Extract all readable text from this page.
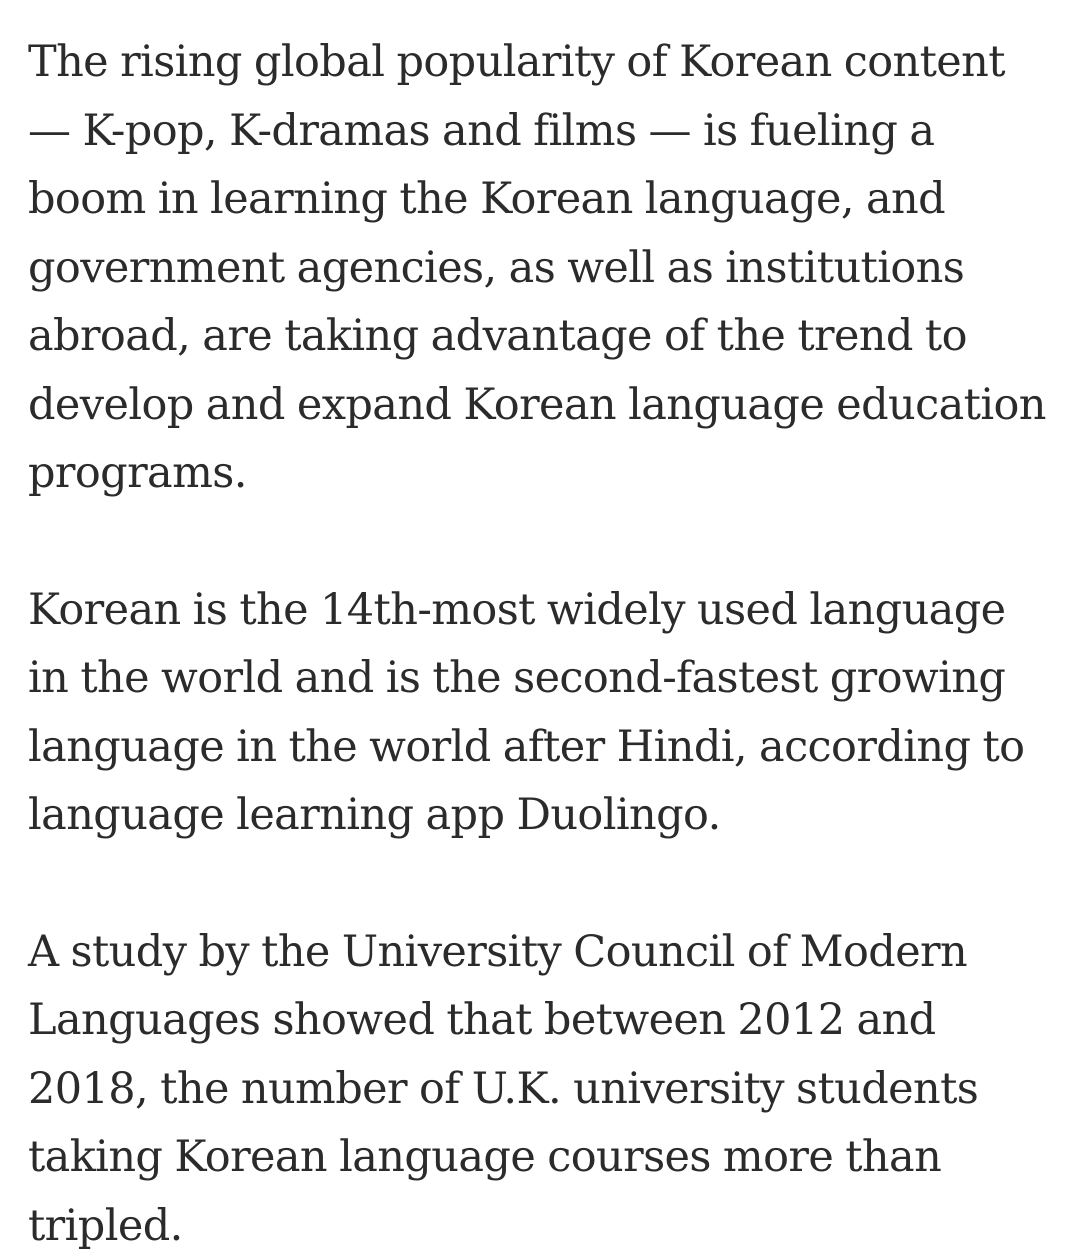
The rising global popularity of Korean content — K-pop, K-dramas and films — is fueling a boom in learning the Korean language, and government agencies, as well as institutions abroad, are taking advantage of the trend to develop and expand Korean language education programs.

Korean is the 14th-most widely used language in the world and is the second-fastest growing language in the world after Hindi, according to language learning app Duolingo.

A study by the University Council of Modern Languages showed that between 2012 and 2018, the number of U.K. university students taking Korean language courses more than tripled.
